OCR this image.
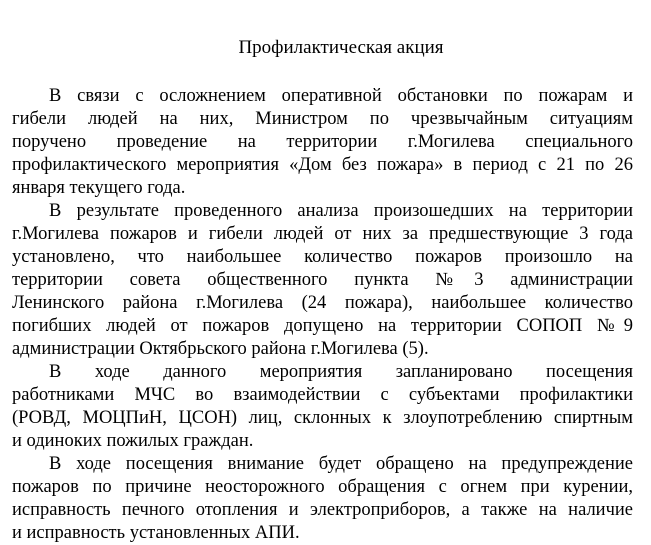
Профилактическая акция
В связи с осложнением оперативной обстановки по пожарам и
гибели людей на них, Министром по чрезвычайным ситуациям
поручено проведение на территории г.Могилева специального
профилактического мероприятия «Дом без пожара» в период с 21 по 26
января текущего года.
В результате проведенного анализа произошедших на территории
г.Могилева пожаров и гибели людей от них за предшествующие 3 года
установлено, что наибольшее количество пожаров произошло на
территории совета общественного пункта №3 администрации
Ленинского района г.Могилева (24 пожара), наибольшее количество
погибших людей от пожаров допущено на территории СОПОП №9
администрации Октябрьского района г.Могилева (5).
В ходе данного мероприятия запланировано посещения
работниками МЧС во взаимодействии с субъектами профилактики
(РОВД, МОЦПиН, ЦСОН) лиц, склонных к злоупотреблению спиртным
и одиноких пожилых граждан.
В ходе посещения внимание будет обращено на предупреждение
пожаров по причине неосторожного обращения с огнем при курении,
исправность печного отопления и электроприборов, а также на наличие
и исправность установленных АПИ.
